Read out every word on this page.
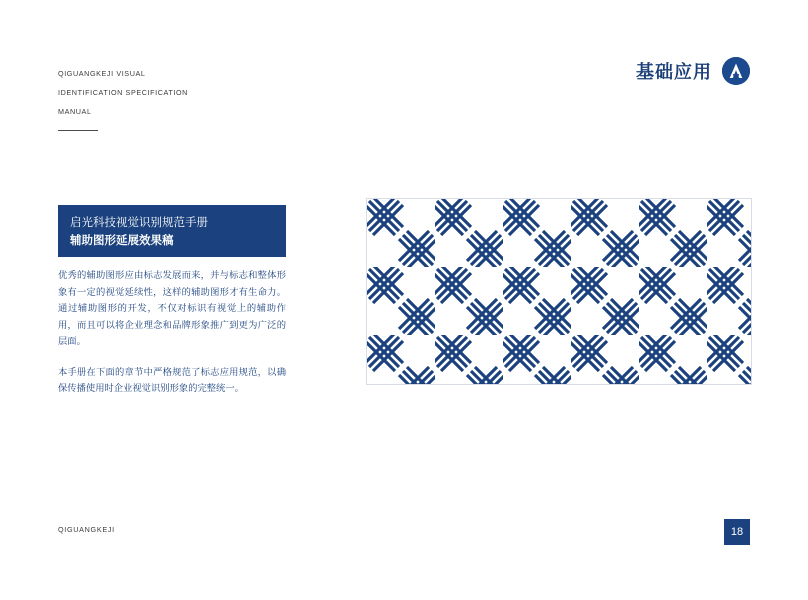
QIGUANGKEJI VISUAL
IDENTIFICATION SPECIFICATION
MANUAL
基础应用
启光科技视觉识别规范手册
辅助图形延展效果稿

优秀的辅助图形应由标志发展而来，并与标志和整体形象有一定的视觉延续性，这样的辅助图形才有生命力。通过辅助图形的开发，不仅对标识有视觉上的辅助作用，而且可以将企业理念和品牌形象推广到更为广泛的层面。

本手册在下面的章节中严格规范了标志应用规范，以确保传播使用时企业视觉识别形象的完整统一。

QIGUANGKEJI	18
